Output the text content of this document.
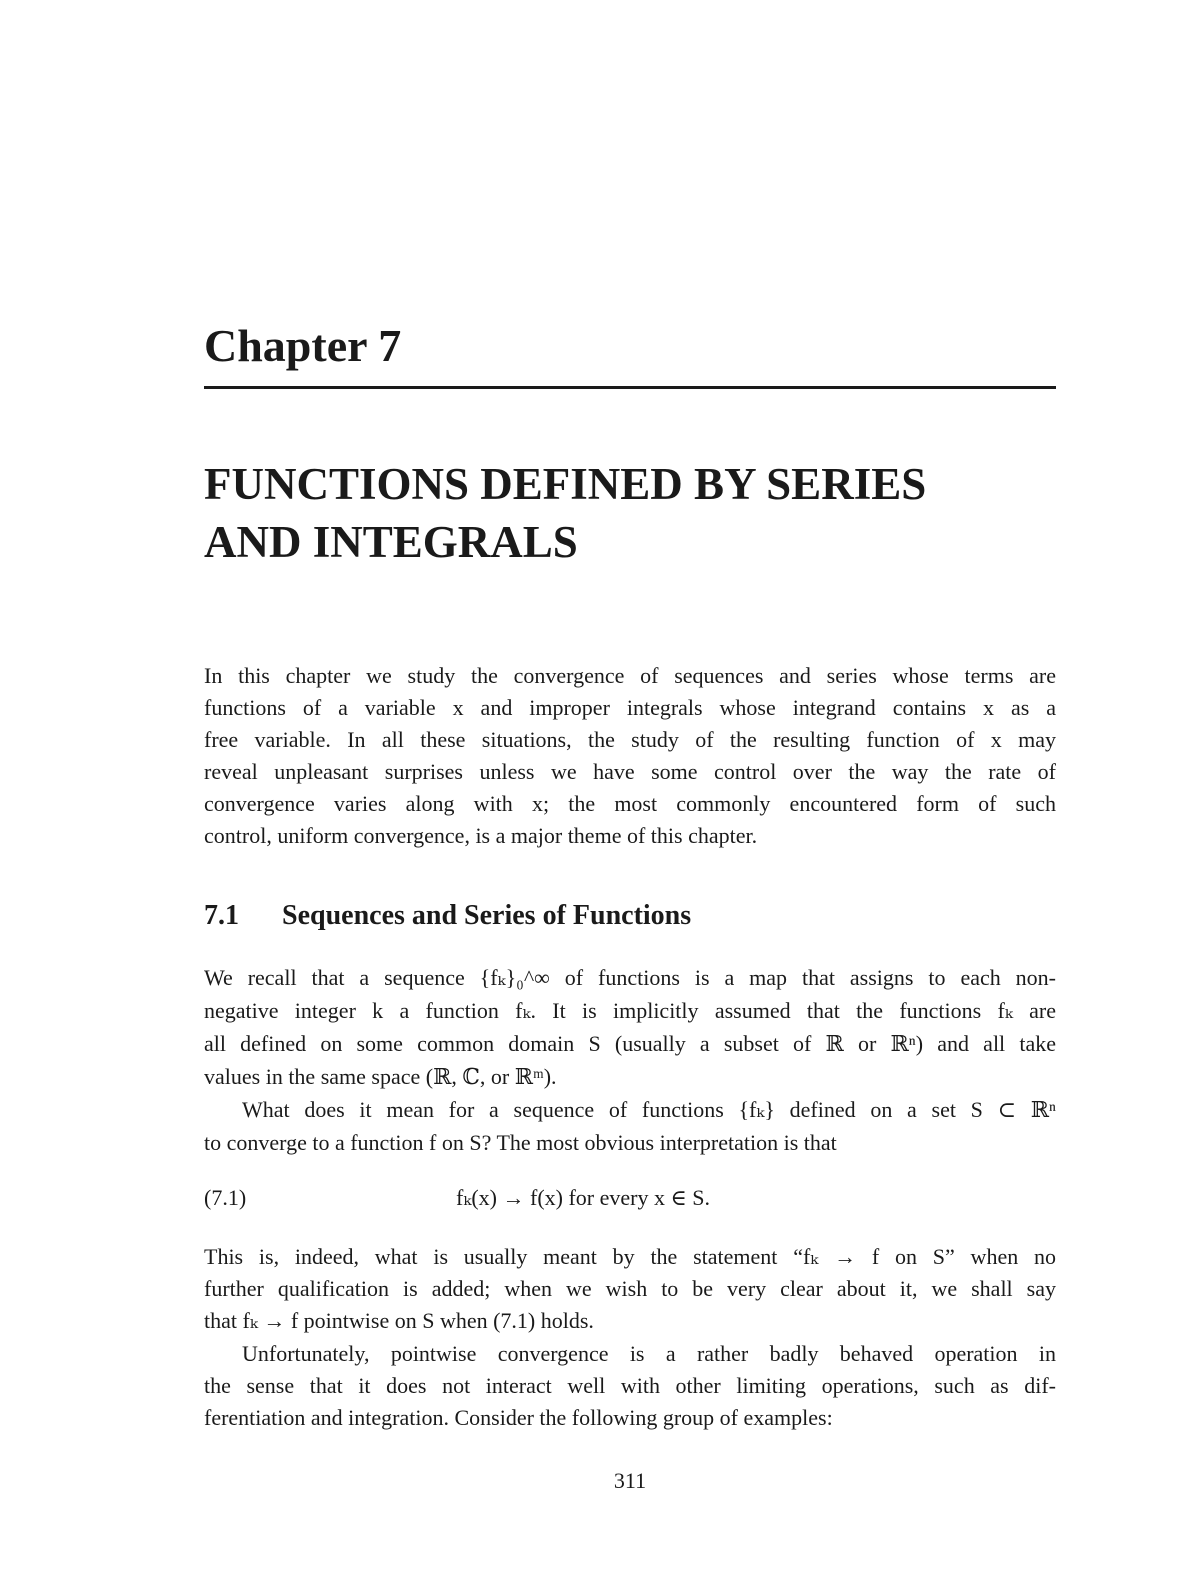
Chapter 7
FUNCTIONS DEFINED BY SERIES
AND INTEGRALS
In this chapter we study the convergence of sequences and series whose terms are
functions of a variable x and improper integrals whose integrand contains x as a
free variable. In all these situations, the study of the resulting function of x may
reveal unpleasant surprises unless we have some control over the way the rate of
convergence varies along with x; the most commonly encountered form of such
control, uniform convergence, is a major theme of this chapter.
7.1 Sequences and Series of Functions
We recall that a sequence {fₖ}₀^∞ of functions is a map that assigns to each non-
negative integer k a function fₖ. It is implicitly assumed that the functions fₖ are
all defined on some common domain S (usually a subset of ℝ or ℝⁿ) and all take
values in the same space (ℝ, ℂ, or ℝᵐ).
What does it mean for a sequence of functions {fₖ} defined on a set S ⊂ ℝⁿ
to converge to a function f on S? The most obvious interpretation is that
(7.1)	fₖ(x) → f(x) for every x ∈ S.
This is, indeed, what is usually meant by the statement “fₖ → f on S” when no
further qualification is added; when we wish to be very clear about it, we shall say
that fₖ → f pointwise on S when (7.1) holds.
Unfortunately, pointwise convergence is a rather badly behaved operation in
the sense that it does not interact well with other limiting operations, such as dif-
ferentiation and integration. Consider the following group of examples:
311
